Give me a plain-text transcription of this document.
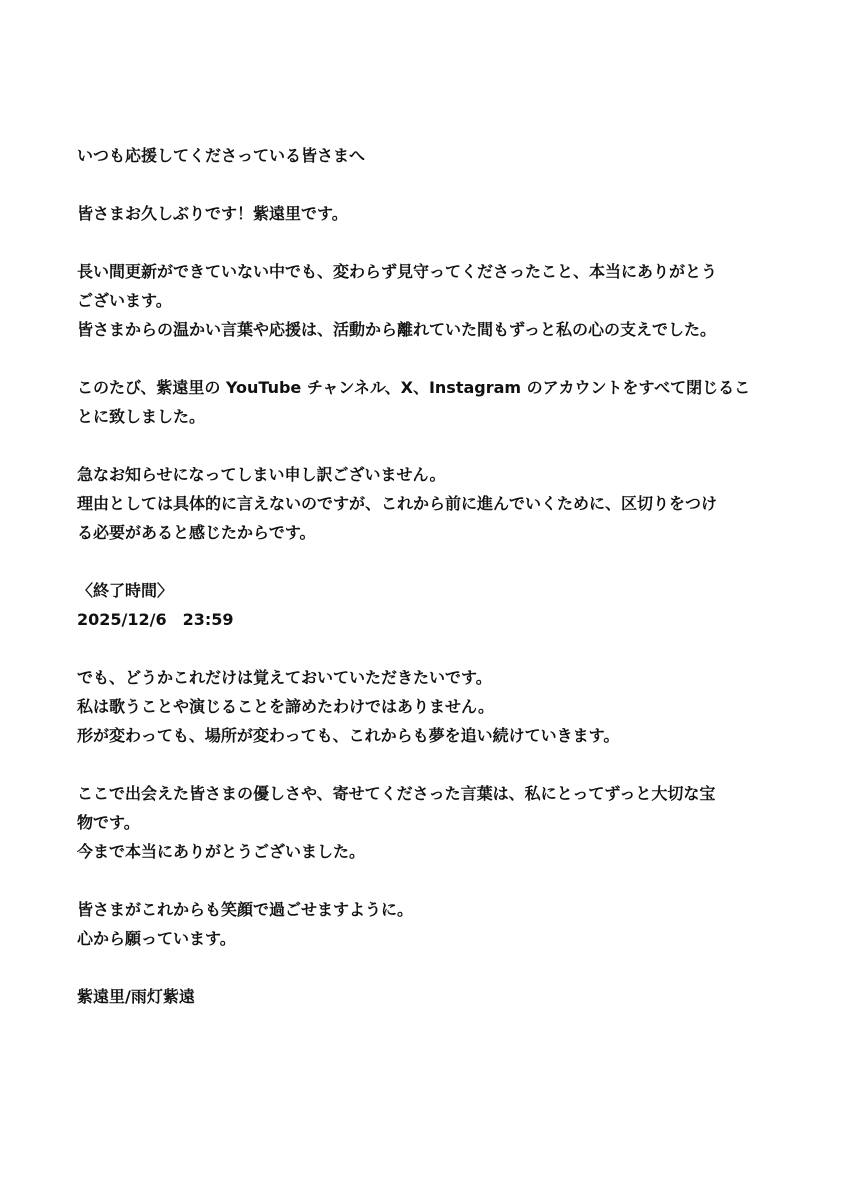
いつも応援してくださっている皆さまへ

皆さまお久しぶりです！紫遠里です。

長い間更新ができていない中でも、変わらず見守ってくださったこと、本当にありがとう
ございます。
皆さまからの温かい言葉や応援は、活動から離れていた間もずっと私の心の支えでした。

このたび、紫遠里の YouTube チャンネル、X、Instagram のアカウントをすべて閉じるこ
とに致しました。

急なお知らせになってしまい申し訳ございません。
理由としては具体的に言えないのですが、これから前に進んでいくために、区切りをつけ
る必要があると感じたからです。

〈終了時間〉
2025/12/6　23:59

でも、どうかこれだけは覚えておいていただきたいです。
私は歌うことや演じることを諦めたわけではありません。
形が変わっても、場所が変わっても、これからも夢を追い続けていきます。

ここで出会えた皆さまの優しさや、寄せてくださった言葉は、私にとってずっと大切な宝
物です。
今まで本当にありがとうございました。

皆さまがこれからも笑顔で過ごせますように。
心から願っています。

紫遠里/雨灯紫遠
